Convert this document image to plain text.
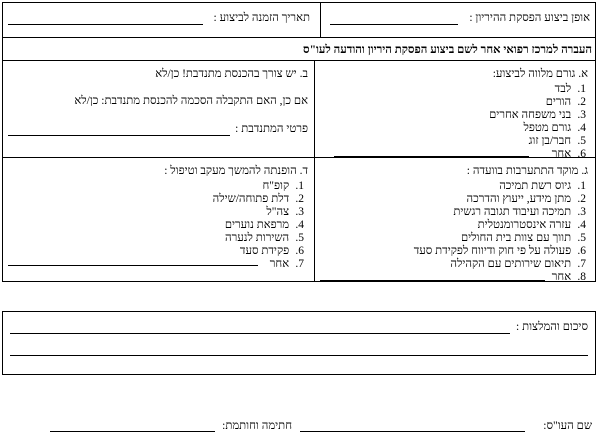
אופן ביצוע הפסקת ההיריון :
תאריך הזמנה לביצוע :
העברה למרכז רפואי אחר לשם ביצוע הפסקת היריון והודעה לעו"ס
א. גורם מלווה לביצוע:
1.

לבד
2.

הורים
3.

בני משפחה אחרים
4.

גורם מטפל
5.

חבר/בן זוג
6.

אחר
ב. יש צורך בהכנסת מתנדבת! כן/לא
אם כן, האם התקבלה הסכמה להכנסת מתנדבת: כן/לא
פרטי המתנדבת :
ג. מוקד התתערבות בוועדה :
1.

גיוס רשת תמיכה
2.

מתן מידע, ייעוץ והדרכה
3.

תמיכה ועיבוד תגובה רגשית
4.

עזרה אינסטרומנטלית
5.

תווך עם צוות בית החולים
6.

פעולה על פי חוק ודיווח לפקידת סעד
7.

תיאום שירותים עם הקהילה
8.

אחר
ד. הופנתה להמשך מעקב וטיפול :
1.

קופ"ח
2.

דלת פתוחה/שילה
3.

צה"ל
4.

מרפאת נוערים
5.

השירות לנערה
6.

פקידת סעד
7.

אחר
סיכום והמלצות :
שם העו"ס:
חתימה וחותמת:
